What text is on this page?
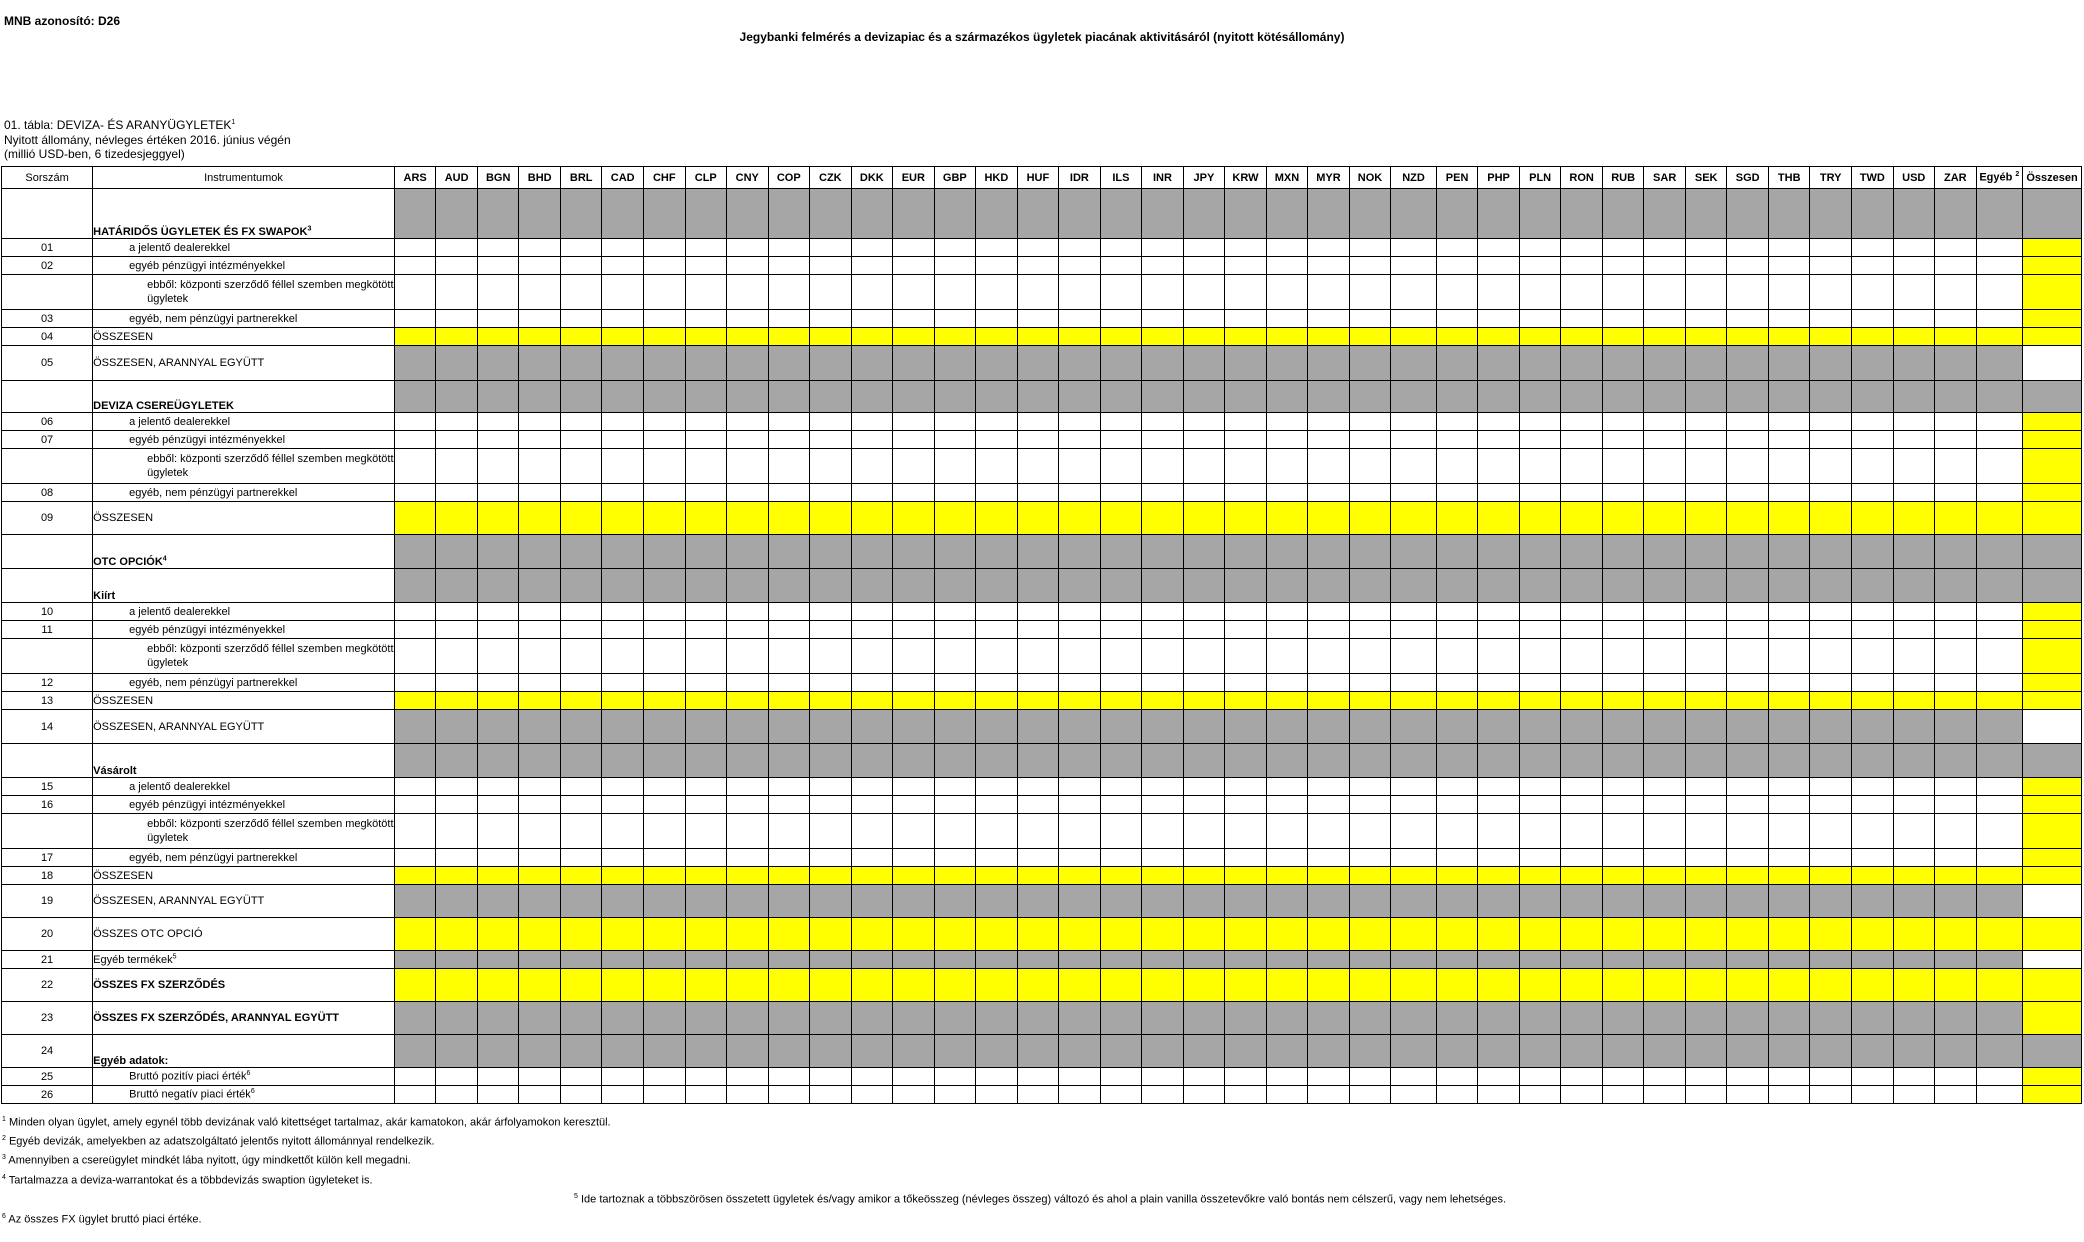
MNB azonosító: D26
Jegybanki felmérés a devizapiac és a származékos ügyletek piacának aktivitásáról (nyitott kötésállomány)
01. tábla: DEVIZA- ÉS ARANYÜGYLETEK$^1$
Nyitott állomány, névleges értéken 2016. június végén
(millió USD-ben, 6 tizedesjeggyel)
Sorszám	Instrumentumok	ARS	AUD	BGN	BHD	BRL	CAD	CHF	CLP	CNY	COP	CZK	DKK	EUR	GBP	HKD	HUF	IDR	ILS	INR	JPY	KRW	MXN	MYR	NOK	NZD	PEN	PHP	PLN	RON	RUB	SAR	SEK	SGD	THB	TRY	TWD	USD	ZAR	Egyéb $^2$	Összesen
	HATÁRIDŐS ÜGYLETEK ÉS FX SWAPOK$^3$																																								
01	a jelentő dealerekkel																																								

02	egyéb pénzügyi intézményekkel																																								

	ebből: központi szerződő féllel szemben megkötött ügyletek																																								

03	egyéb, nem pénzügyi partnerekkel																																								

04	ÖSSZESEN																																								
05	ÖSSZESEN, ARANNYAL EGYÜTT																																								
	DEVIZA CSEREÜGYLETEK																																								
06	a jelentő dealerekkel																																								

07	egyéb pénzügyi intézményekkel																																								

	ebből: központi szerződő féllel szemben megkötött ügyletek																																								

08	egyéb, nem pénzügyi partnerekkel																																								

09	ÖSSZESEN																																								
	OTC OPCIÓK$^4$																																								
	Kiírt																																								
10	a jelentő dealerekkel																																								

11	egyéb pénzügyi intézményekkel																																								

	ebből: központi szerződő féllel szemben megkötött ügyletek																																								

12	egyéb, nem pénzügyi partnerekkel																																								

13	ÖSSZESEN																																								
14	ÖSSZESEN, ARANNYAL EGYÜTT																																								
	Vásárolt																																								
15	a jelentő dealerekkel																																								

16	egyéb pénzügyi intézményekkel																																								

	ebből: központi szerződő féllel szemben megkötött ügyletek																																								

17	egyéb, nem pénzügyi partnerekkel																																								

18	ÖSSZESEN																																								
19	ÖSSZESEN, ARANNYAL EGYÜTT																																								
20	ÖSSZES OTC OPCIÓ																																								
21	Egyéb termékek$^5$																																								
22	ÖSSZES FX SZERZŐDÉS																																								
23	ÖSSZES FX SZERZŐDÉS, ARANNYAL EGYÜTT																																								
24	Egyéb adatok:																																								
25	Bruttó pozitív piaci érték$^6$

26	Bruttó negatív piaci érték$^6$

$^1$ Minden olyan ügylet, amely egynél több devizának való kitettséget tartalmaz, akár kamatokon, akár árfolyamokon keresztül.
$^2$ Egyéb devizák, amelyekben az adatszolgáltató jelentős nyitott állománnyal rendelkezik.
$^3$ Amennyiben a csereügylet mindkét lába nyitott, úgy mindkettőt külön kell megadni.
$^4$ Tartalmazza a deviza-warrantokat és a többdevizás swaption ügyleteket is.
$^5$ Ide tartoznak a többszörösen összetett ügyletek és/vagy amikor a tőkeösszeg (névleges összeg) változó és ahol a plain vanilla összetevőkre való bontás nem célszerű, vagy nem lehetséges.
$^6$ Az összes FX ügylet bruttó piaci értéke.
